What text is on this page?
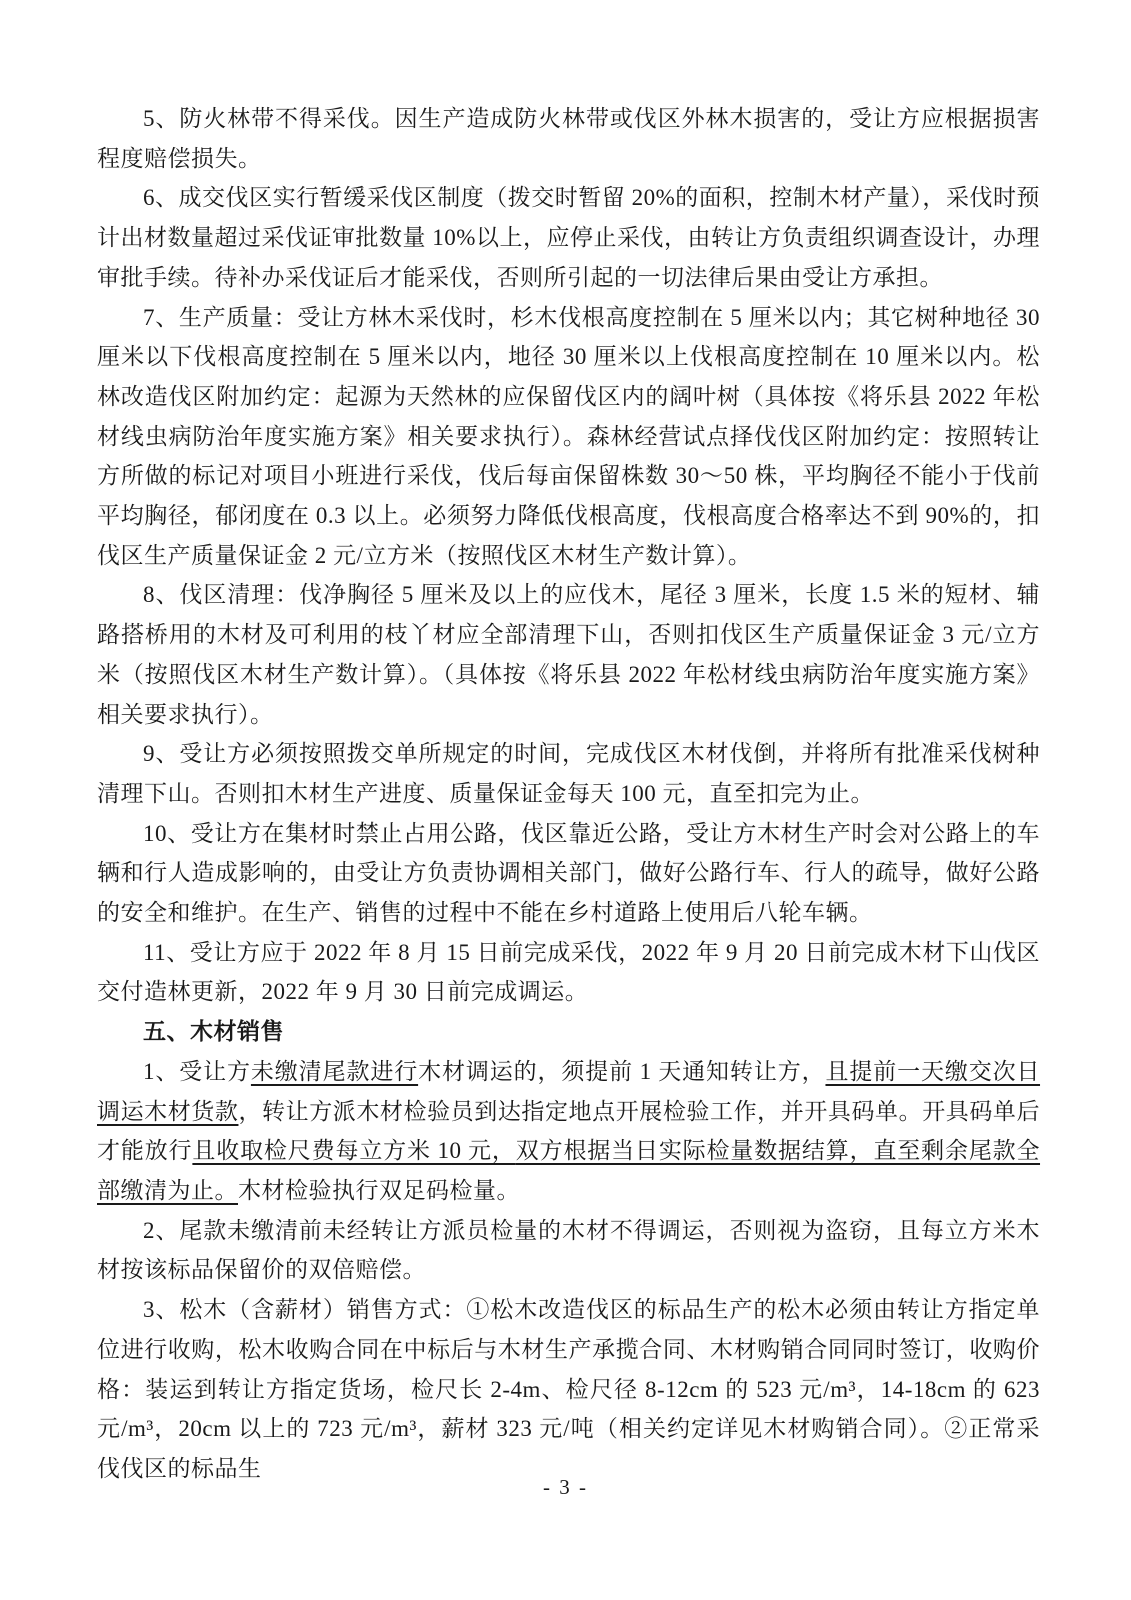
5、防火林带不得采伐。因生产造成防火林带或伐区外林木损害的，受让方应根据损害程度赔偿损失。

6、成交伐区实行暂缓采伐区制度（拨交时暂留 20%的面积，控制木材产量），采伐时预计出材数量超过采伐证审批数量 10%以上，应停止采伐，由转让方负责组织调查设计，办理审批手续。待补办采伐证后才能采伐，否则所引起的一切法律后果由受让方承担。

7、生产质量：受让方林木采伐时，杉木伐根高度控制在 5 厘米以内；其它树种地径 30 厘米以下伐根高度控制在 5 厘米以内，地径 30 厘米以上伐根高度控制在 10 厘米以内。松林改造伐区附加约定：起源为天然林的应保留伐区内的阔叶树（具体按《将乐县 2022 年松材线虫病防治年度实施方案》相关要求执行）。森林经营试点择伐伐区附加约定：按照转让方所做的标记对项目小班进行采伐，伐后每亩保留株数 30～50 株，平均胸径不能小于伐前平均胸径，郁闭度在 0.3 以上。必须努力降低伐根高度，伐根高度合格率达不到 90%的，扣伐区生产质量保证金 2 元/立方米（按照伐区木材生产数计算）。

8、伐区清理：伐净胸径 5 厘米及以上的应伐木，尾径 3 厘米，长度 1.5 米的短材、辅路搭桥用的木材及可利用的枝丫材应全部清理下山，否则扣伐区生产质量保证金 3 元/立方米（按照伐区木材生产数计算）。（具体按《将乐县 2022 年松材线虫病防治年度实施方案》相关要求执行）。

9、受让方必须按照拨交单所规定的时间，完成伐区木材伐倒，并将所有批准采伐树种清理下山。否则扣木材生产进度、质量保证金每天 100 元，直至扣完为止。

10、受让方在集材时禁止占用公路，伐区靠近公路，受让方木材生产时会对公路上的车辆和行人造成影响的，由受让方负责协调相关部门，做好公路行车、行人的疏导，做好公路的安全和维护。在生产、销售的过程中不能在乡村道路上使用后八轮车辆。

11、受让方应于 2022 年 8 月 15 日前完成采伐，2022 年 9 月 20 日前完成木材下山伐区交付造林更新，2022 年 9 月 30 日前完成调运。

五、木材销售

1、受让方未缴清尾款进行木材调运的，须提前 1 天通知转让方，且提前一天缴交次日调运木材货款，转让方派木材检验员到达指定地点开展检验工作，并开具码单。开具码单后才能放行且收取检尺费每立方米 10 元，双方根据当日实际检量数据结算，直至剩余尾款全部缴清为止。木材检验执行双足码检量。

2、尾款未缴清前未经转让方派员检量的木材不得调运，否则视为盗窃，且每立方米木材按该标品保留价的双倍赔偿。

3、松木（含薪材）销售方式：①松木改造伐区的标品生产的松木必须由转让方指定单位进行收购，松木收购合同在中标后与木材生产承揽合同、木材购销合同同时签订，收购价格：装运到转让方指定货场，检尺长 2-4m、检尺径 8-12cm 的 523 元/m³，14-18cm 的 623 元/m³，20cm 以上的 723 元/m³，薪材 323 元/吨（相关约定详见木材购销合同）。②正常采伐伐区的标品生

- 3 -
